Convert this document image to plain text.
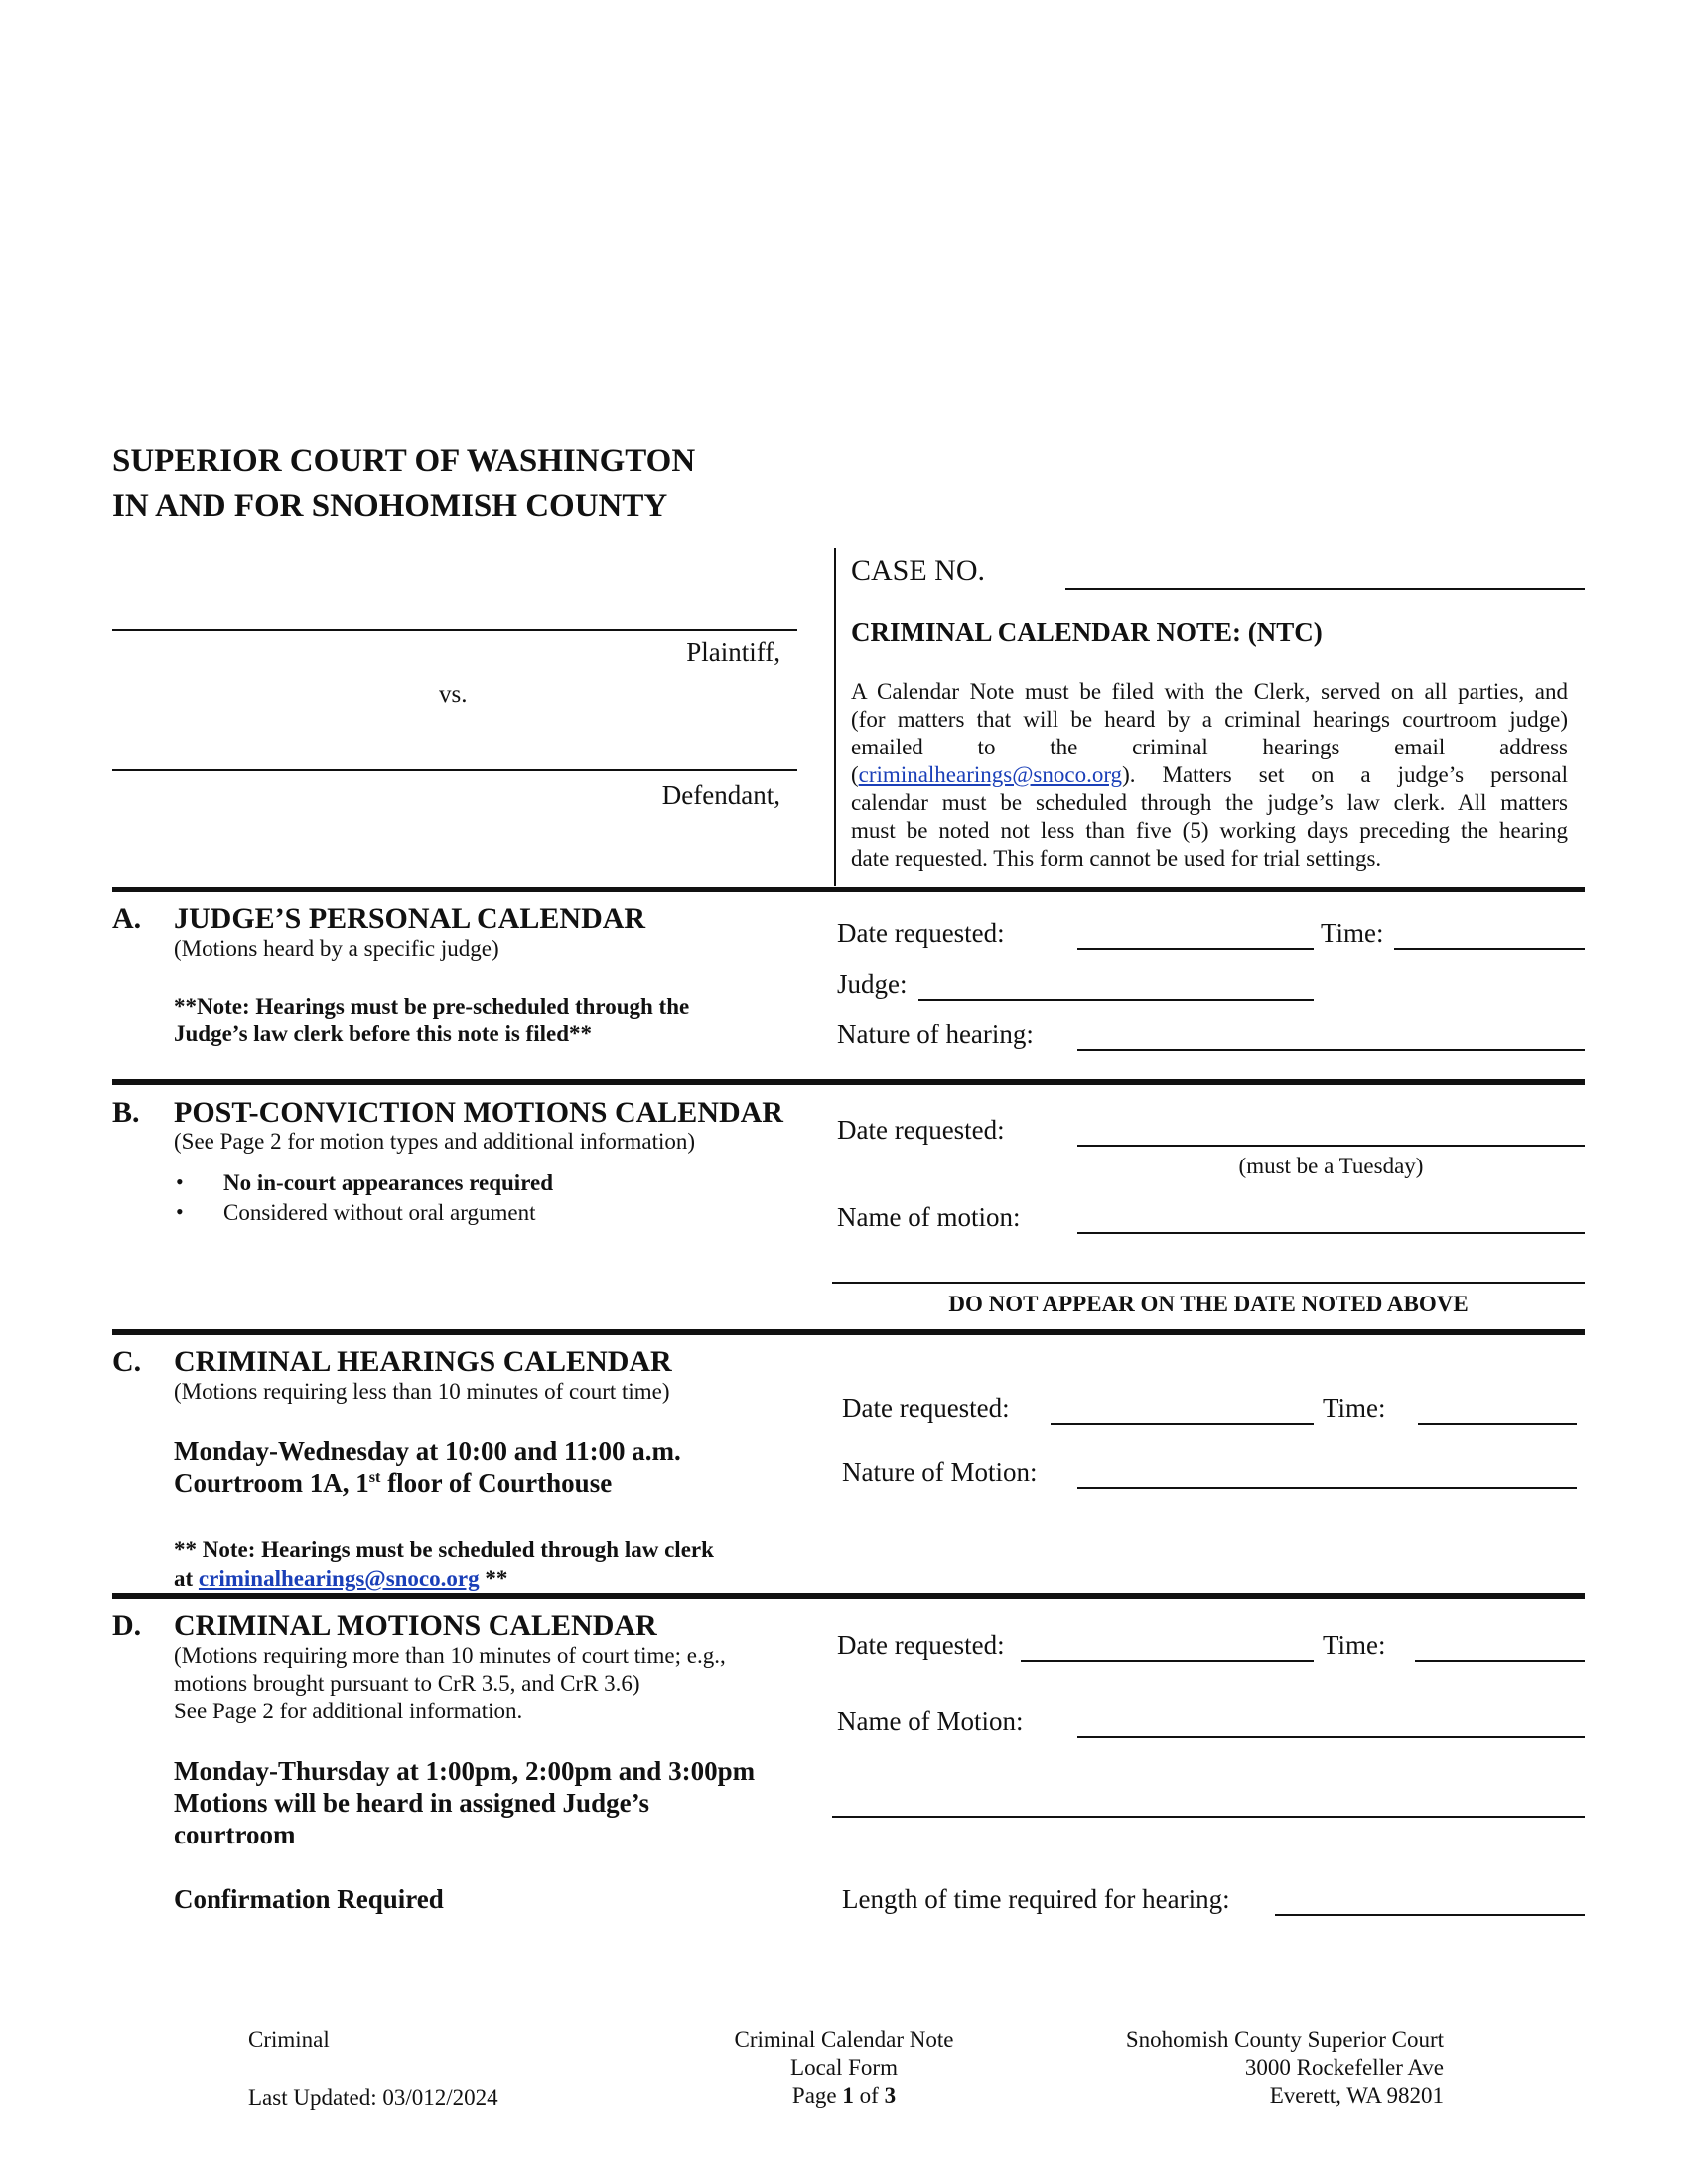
SUPERIOR COURT OF WASHINGTON
IN AND FOR SNOHOMISH COUNTY
Plaintiff,
vs.
Defendant,
CASE NO.
CRIMINAL CALENDAR NOTE: (NTC)
A Calendar Note must be filed with the Clerk, served on all parties, and
(for matters that will be heard by a criminal hearings courtroom judge)
emailed to the criminal hearings email address
(criminalhearings@snoco.org). Matters set on a judge’s personal
calendar must be scheduled through the judge’s law clerk. All matters
must be noted not less than five (5) working days preceding the hearing
date requested. This form cannot be used for trial settings.
A. JUDGE’S PERSONAL CALENDAR
(Motions heard by a specific judge)
**Note: Hearings must be pre-scheduled through the
Judge’s law clerk before this note is filed**
Date requested:	Time:
Judge:
Nature of hearing:
B. POST-CONVICTION MOTIONS CALENDAR
(See Page 2 for motion types and additional information)
• No in-court appearances required
• Considered without oral argument
Date requested:
(must be a Tuesday)
Name of motion:
DO NOT APPEAR ON THE DATE NOTED ABOVE
C. CRIMINAL HEARINGS CALENDAR
(Motions requiring less than 10 minutes of court time)
Monday-Wednesday at 10:00 and 11:00 a.m.
Courtroom 1A, 1st floor of Courthouse
** Note: Hearings must be scheduled through law clerk
at criminalhearings@snoco.org **
Date requested:	Time:
Nature of Motion:
D. CRIMINAL MOTIONS CALENDAR
(Motions requiring more than 10 minutes of court time; e.g.,
motions brought pursuant to CrR 3.5, and CrR 3.6)
See Page 2 for additional information.
Monday-Thursday at 1:00pm, 2:00pm and 3:00pm
Motions will be heard in assigned Judge’s
courtroom
Confirmation Required
Date requested:	Time:
Name of Motion:
Length of time required for hearing:
Criminal
Last Updated: 03/012/2024
Criminal Calendar Note
Local Form
Page 1 of 3
Snohomish County Superior Court
3000 Rockefeller Ave
Everett, WA 98201
